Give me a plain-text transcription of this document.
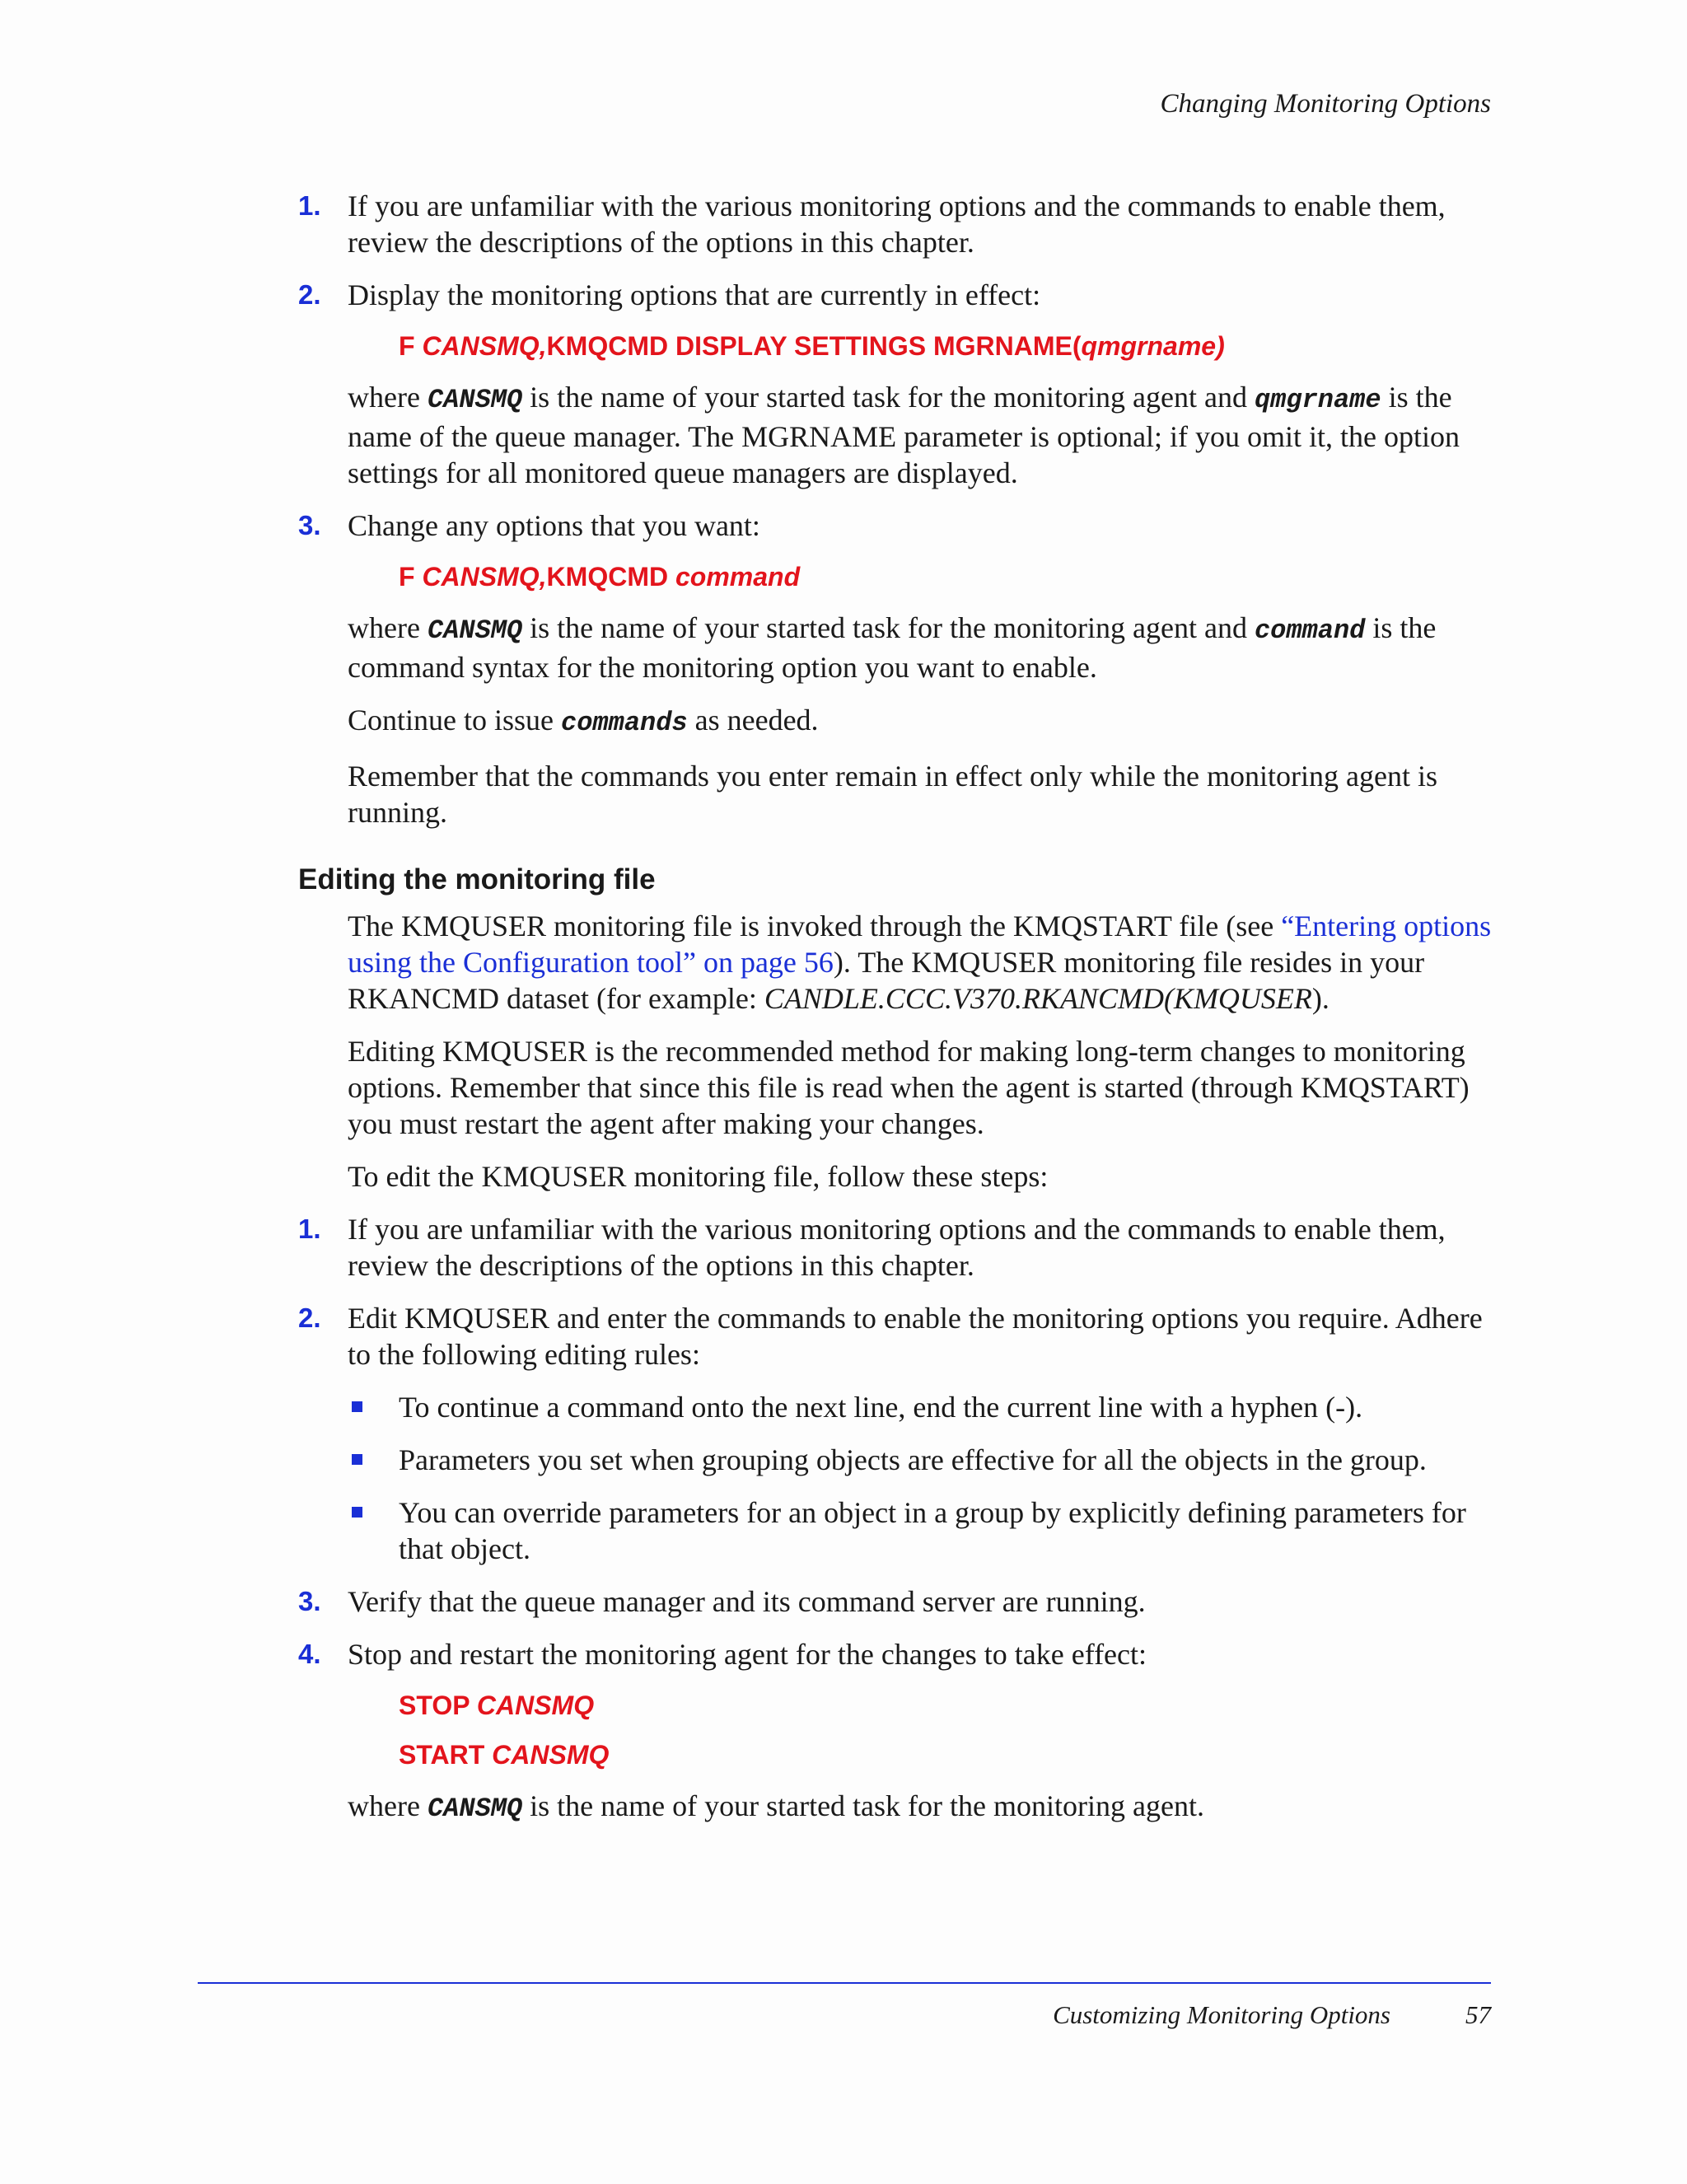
Changing Monitoring Options
1. If you are unfamiliar with the various monitoring options and the commands to enable them, review the descriptions of the options in this chapter.
2. Display the monitoring options that are currently in effect:
F CANSMQ,KMQCMD DISPLAY SETTINGS MGRNAME(qmgrname)
where CANSMQ is the name of your started task for the monitoring agent and qmgrname is the name of the queue manager. The MGRNAME parameter is optional; if you omit it, the option settings for all monitored queue managers are displayed.
3. Change any options that you want:
F CANSMQ,KMQCMD command
where CANSMQ is the name of your started task for the monitoring agent and command is the command syntax for the monitoring option you want to enable.
Continue to issue commands as needed.
Remember that the commands you enter remain in effect only while the monitoring agent is running.
Editing the monitoring file
The KMQUSER monitoring file is invoked through the KMQSTART file (see “Entering options using the Configuration tool” on page 56). The KMQUSER monitoring file resides in your RKANCMD dataset (for example: CANDLE.CCC.V370.RKANCMD(KMQUSER).
Editing KMQUSER is the recommended method for making long-term changes to monitoring options. Remember that since this file is read when the agent is started (through KMQSTART) you must restart the agent after making your changes.
To edit the KMQUSER monitoring file, follow these steps:
1. If you are unfamiliar with the various monitoring options and the commands to enable them, review the descriptions of the options in this chapter.
2. Edit KMQUSER and enter the commands to enable the monitoring options you require. Adhere to the following editing rules:
To continue a command onto the next line, end the current line with a hyphen (-).
Parameters you set when grouping objects are effective for all the objects in the group.
You can override parameters for an object in a group by explicitly defining parameters for that object.
3. Verify that the queue manager and its command server are running.
4. Stop and restart the monitoring agent for the changes to take effect:
STOP CANSMQ
START CANSMQ
where CANSMQ is the name of your started task for the monitoring agent.
Customizing Monitoring Options	57
